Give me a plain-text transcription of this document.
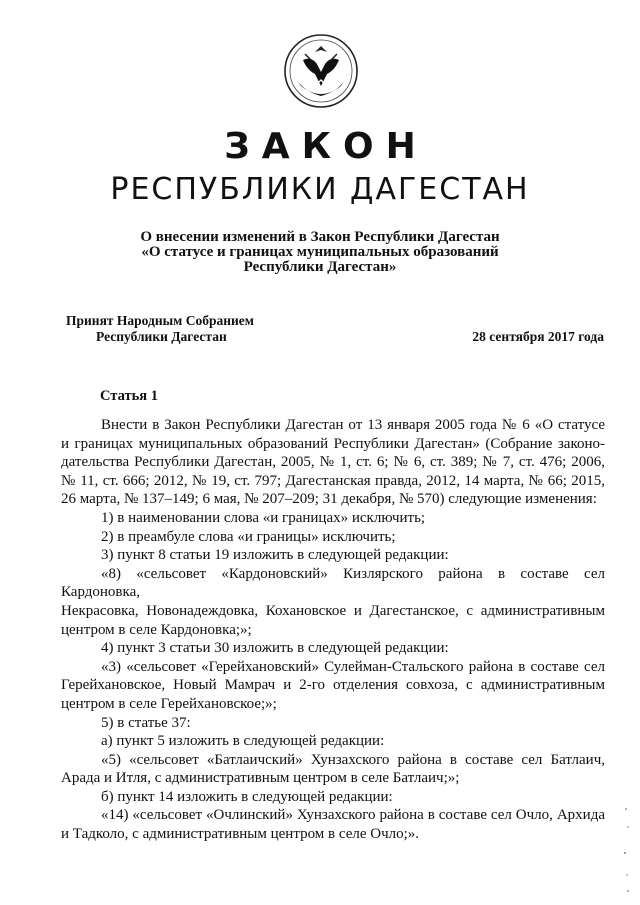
ЗАКОН
РЕСПУБЛИКИ ДАГЕСТАН
О внесении изменений в Закон Республики Дагестан
«О статусе и границах муниципальных образований
Республики Дагестан»
Принят Народным Собранием
Республики Дагестан	28 сентября 2017 года
Статья 1

Внести в Закон Республики Дагестан от 13 января 2005 года № 6 «О статусе

и границах муниципальных образований Республики Дагестан» (Собрание законо-

дательства Республики Дагестан, 2005, № 1, ст. 6; № 6, ст. 389; № 7, ст. 476; 2006,

№ 11, ст. 666; 2012, № 19, ст. 797; Дагестанская правда, 2012, 14 марта, № 66; 2015,

26 марта, № 137–149; 6 мая, № 207–209; 31 декабря, № 570) следующие изменения:

1) в наименовании слова «и границах» исключить;

2) в преамбуле слова «и границы» исключить;

3) пункт 8 статьи 19 изложить в следующей редакции:

«8) «сельсовет «Кардоновский» Кизлярского района в составе сел Кардоновка,

Некрасовка, Новонадеждовка, Кохановское и Дагестанское, с административным

центром в селе Кардоновка;»;

4) пункт 3 статьи 30 изложить в следующей редакции:

«3) «сельсовет «Герейхановский» Сулейман-Стальского района в составе сел

Герейхановское, Новый Мамрач и 2-го отделения совхоза, с административным

центром в селе Герейхановское;»;

5) в статье 37:

а) пункт 5 изложить в следующей редакции:

«5) «сельсовет «Батлаичский» Хунзахского района в составе сел Батлаич,

Арада и Итля, с административным центром в селе Батлаич;»;

б) пункт 14 изложить в следующей редакции:

«14) «сельсовет «Очлинский» Хунзахского района в составе сел Очло, Архида

и Тадколо, с административным центром в селе Очло;».
